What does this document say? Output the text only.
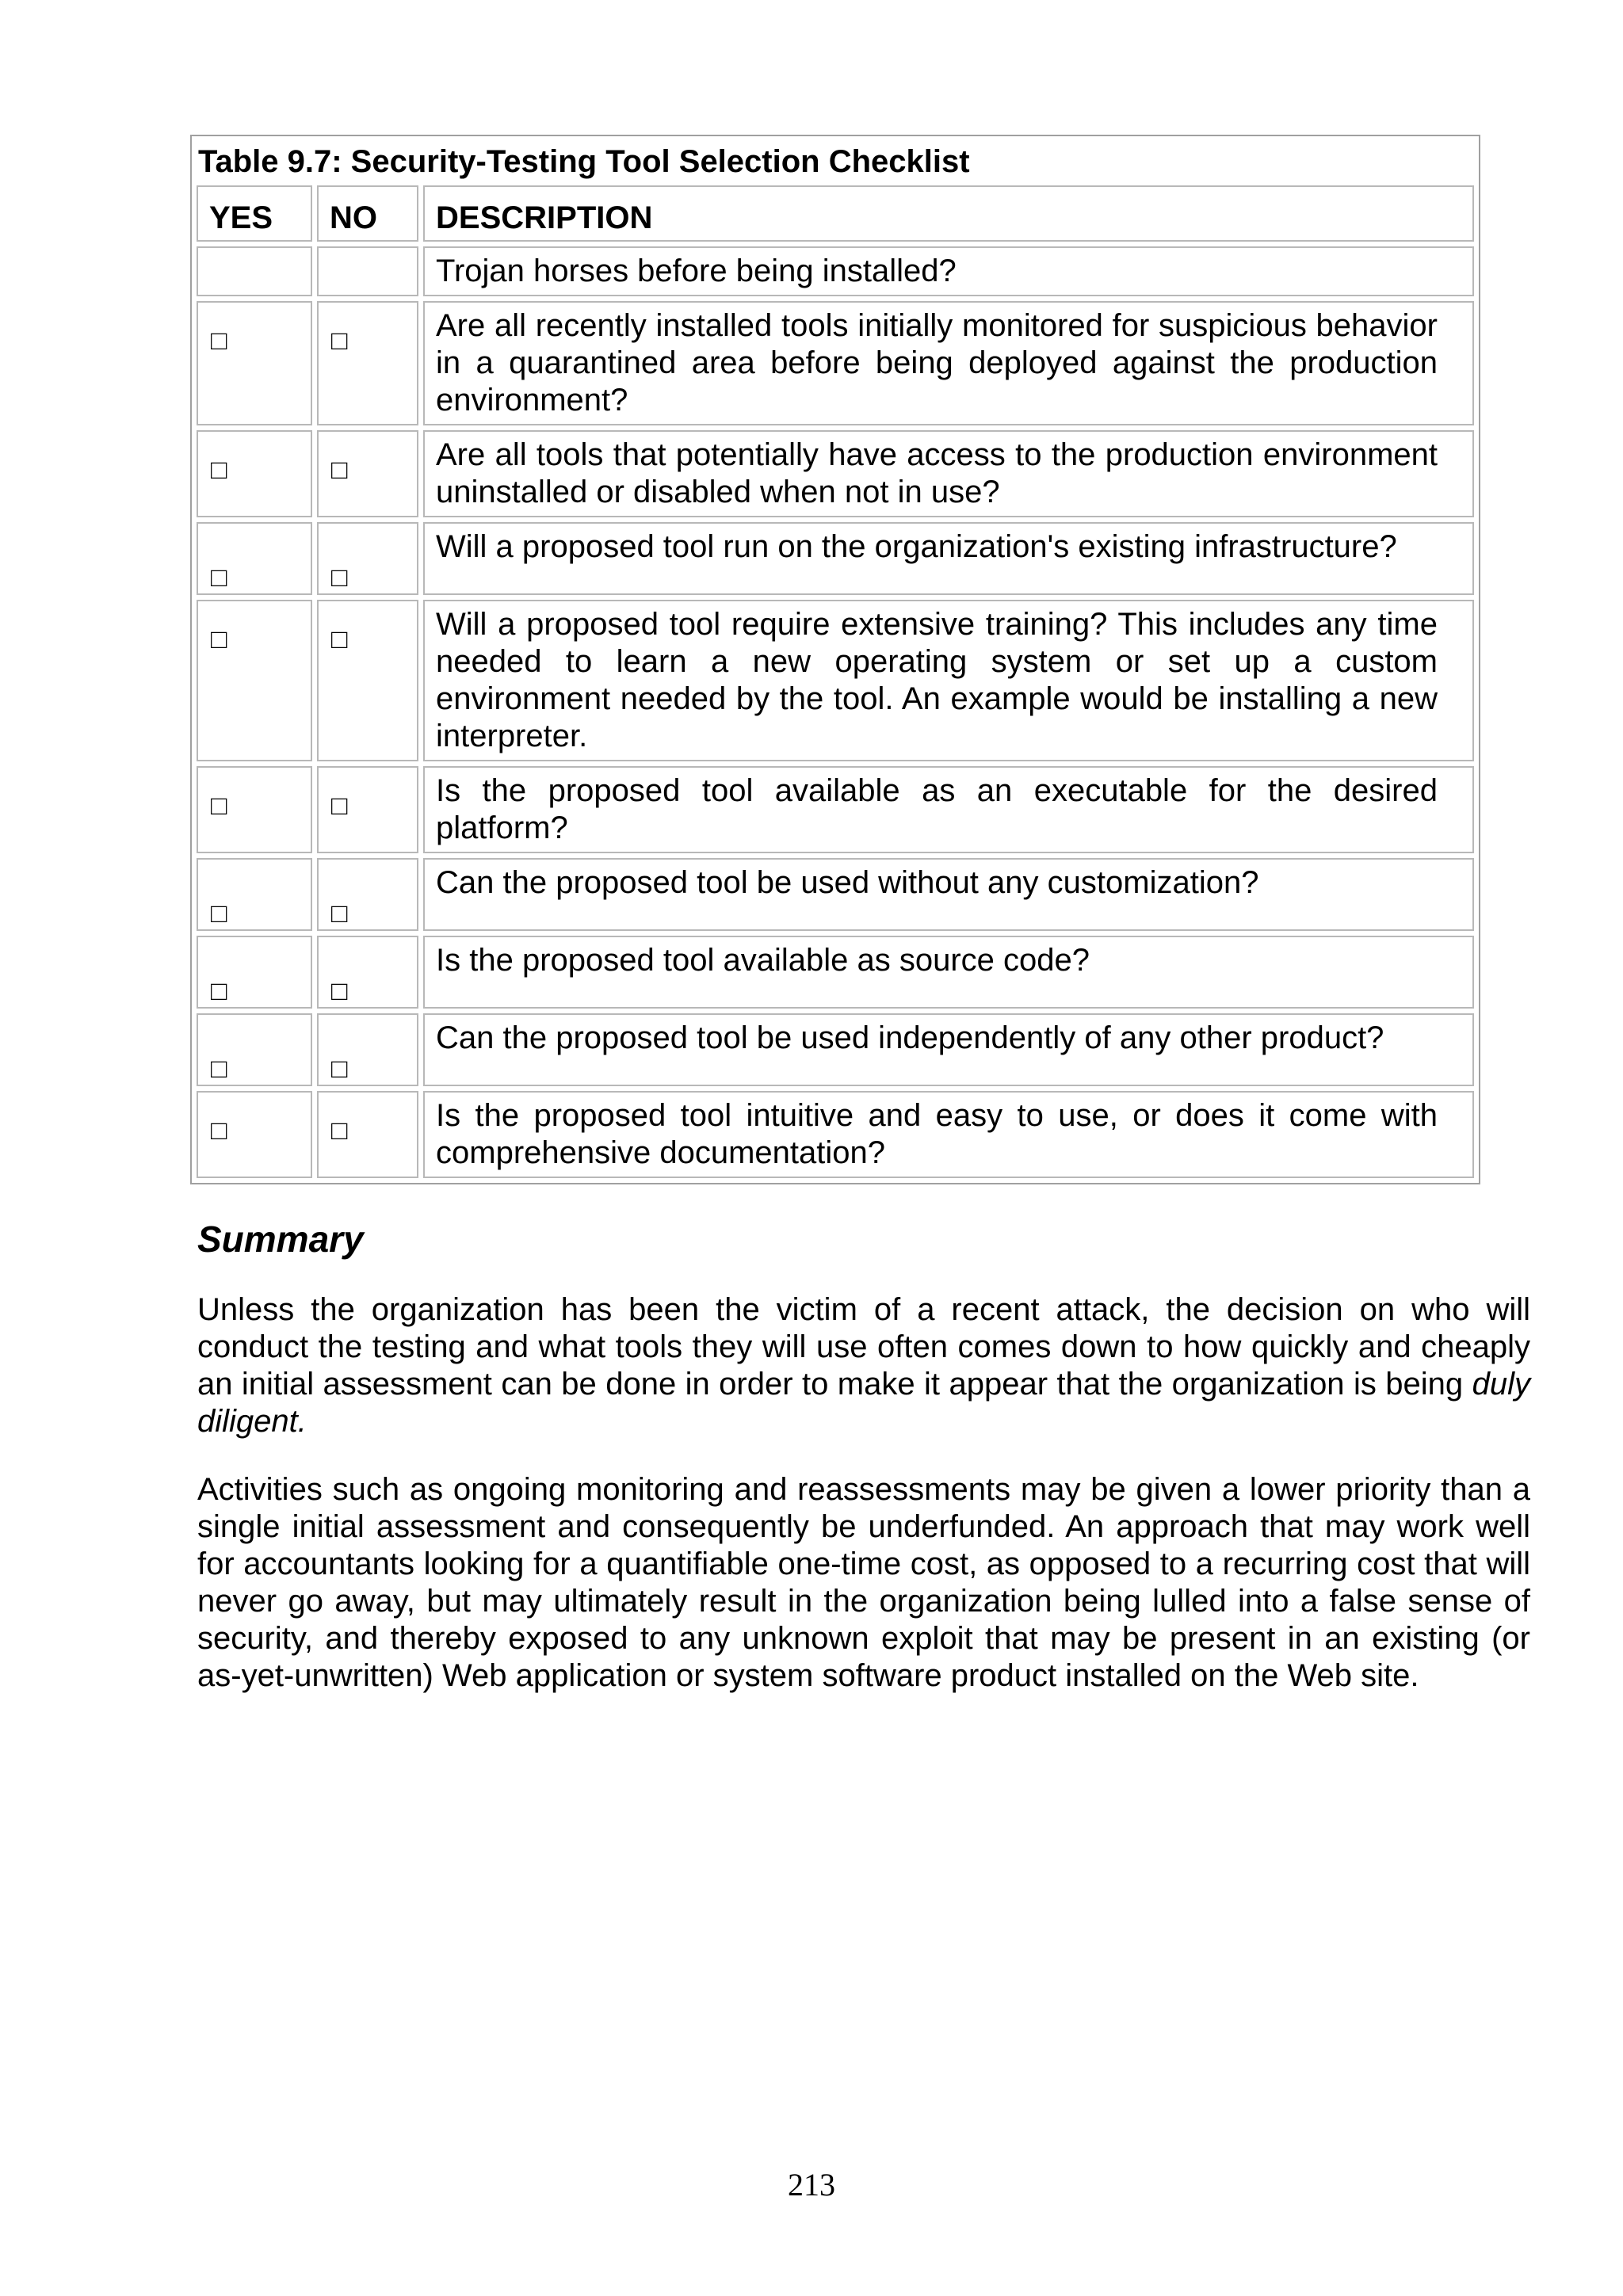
Table 9.7: Security-Testing Tool Selection Checklist
YES	NO	DESCRIPTION
		Trojan horses before being installed?
□	□	Are all recently installed tools initially monitored for suspicious behavior in a quarantined area before being deployed against the production environment?
□	□	Are all tools that potentially have access to the production environment uninstalled or disabled when not in use?
□	□	Will a proposed tool run on the organization's existing infrastructure?
□	□	Will a proposed tool require extensive training? This includes any time needed to learn a new operating system or set up a custom environment needed by the tool. An example would be installing a new interpreter.
□	□	Is the proposed tool available as an executable for the desired platform?
□	□	Can the proposed tool be used without any customization?
□	□	Is the proposed tool available as source code?
□	□	Can the proposed tool be used independently of any other product?
□	□	Is the proposed tool intuitive and easy to use, or does it come with comprehensive documentation?
Summary

Unless the organization has been the victim of a recent attack, the decision on who will conduct the testing and what tools they will use often comes down to how quickly and cheaply an initial assessment can be done in order to make it appear that the organization is being duly diligent.

Activities such as ongoing monitoring and reassessments may be given a lower priority than a single initial assessment and consequently be underfunded. An approach that may work well for accountants looking for a quantifiable one-time cost, as opposed to a recurring cost that will never go away, but may ultimately result in the organization being lulled into a false sense of security, and thereby exposed to any unknown exploit that may be present in an existing (or as-yet-unwritten) Web application or system software product installed on the Web site.

213
